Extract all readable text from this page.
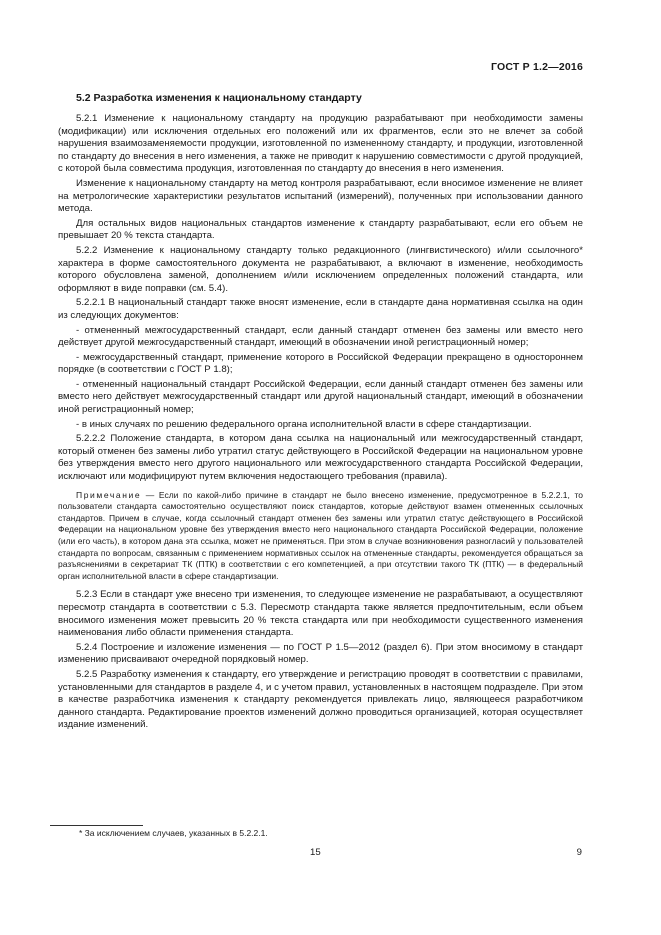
ГОСТ Р 1.2—2016
5.2 Разработка изменения к национальному стандарту

5.2.1 Изменение к национальному стандарту на продукцию разрабатывают при необходимости замены (модификации) или исключения отдельных его положений или их фрагментов, если это не влечет за собой нарушения взаимозаменяемости продукции, изготовленной по измененному стандарту, и продукции, изготовленной по стандарту до внесения в него изменения, а также не приводит к нарушению совместимости с другой продукцией, с которой была совместима продукция, изготовленная по стандарту до внесения в него изменения.

Изменение к национальному стандарту на метод контроля разрабатывают, если вносимое изменение не влияет на метрологические характеристики результатов испытаний (измерений), полученных при использовании данного метода.

Для остальных видов национальных стандартов изменение к стандарту разрабатывают, если его объем не превышает 20 % текста стандарта.

5.2.2 Изменение к национальному стандарту только редакционного (лингвистического) и/или ссылочного* характера в форме самостоятельного документа не разрабатывают, а включают в изменение, необходимость которого обусловлена заменой, дополнением и/или исключением определенных положений стандарта, или оформляют в виде поправки (см. 5.4).

5.2.2.1 В национальный стандарт также вносят изменение, если в стандарте дана нормативная ссылка на один из следующих документов:

- отмененный межгосударственный стандарт, если данный стандарт отменен без замены или вместо него действует другой межгосударственный стандарт, имеющий в обозначении иной регистрационный номер;

- межгосударственный стандарт, применение которого в Российской Федерации прекращено в одностороннем порядке (в соответствии с ГОСТ Р 1.8);

- отмененный национальный стандарт Российской Федерации, если данный стандарт отменен без замены или вместо него действует межгосударственный стандарт или другой национальный стандарт, имеющий в обозначении иной регистрационный номер;

- в иных случаях по решению федерального органа исполнительной власти в сфере стандартизации.

5.2.2.2 Положение стандарта, в котором дана ссылка на национальный или межгосударственный стандарт, который отменен без замены либо утратил статус действующего в Российской Федерации на национальном уровне без утверждения вместо него другого национального или межгосударственного стандарта Российской Федерации, исключают или модифицируют путем включения недостающего требования (правила).

Примечание — Если по какой-либо причине в стандарт не было внесено изменение, предусмотренное в 5.2.2.1, то пользователи стандарта самостоятельно осуществляют поиск стандартов, которые действуют взамен отмененных ссылочных стандартов. Причем в случае, когда ссылочный стандарт отменен без замены или утратил статус действующего в Российской Федерации на национальном уровне без утверждения вместо него национального стандарта Российской Федерации, положение (или его часть), в котором дана эта ссылка, может не применяться. При этом в случае возникновения разногласий у пользователей стандарта по вопросам, связанным с применением нормативных ссылок на отмененные стандарты, рекомендуется обращаться за разъяснениями в секретариат ТК (ПТК) в соответствии с его компетенцией, а при отсутствии такого ТК (ПТК) — в федеральный орган исполнительной власти в сфере стандартизации.

5.2.3 Если в стандарт уже внесено три изменения, то следующее изменение не разрабатывают, а осуществляют пересмотр стандарта в соответствии с 5.3. Пересмотр стандарта также является предпочтительным, если объем вносимого изменения может превысить 20 % текста стандарта или при необходимости существенного изменения наименования либо области применения стандарта.

5.2.4 Построение и изложение изменения — по ГОСТ Р 1.5—2012 (раздел 6). При этом вносимому в стандарт изменению присваивают очередной порядковый номер.

5.2.5 Разработку изменения к стандарту, его утверждение и регистрацию проводят в соответствии с правилами, установленными для стандартов в разделе 4, и с учетом правил, установленных в настоящем подразделе. При этом в качестве разработчика изменения к стандарту рекомендуется привлекать лицо, являющееся разработчиком данного стандарта. Редактирование проектов изменений должно проводиться организацией, которая осуществляет издание изменений.

* За исключением случаев, указанных в 5.2.2.1.
15	9
